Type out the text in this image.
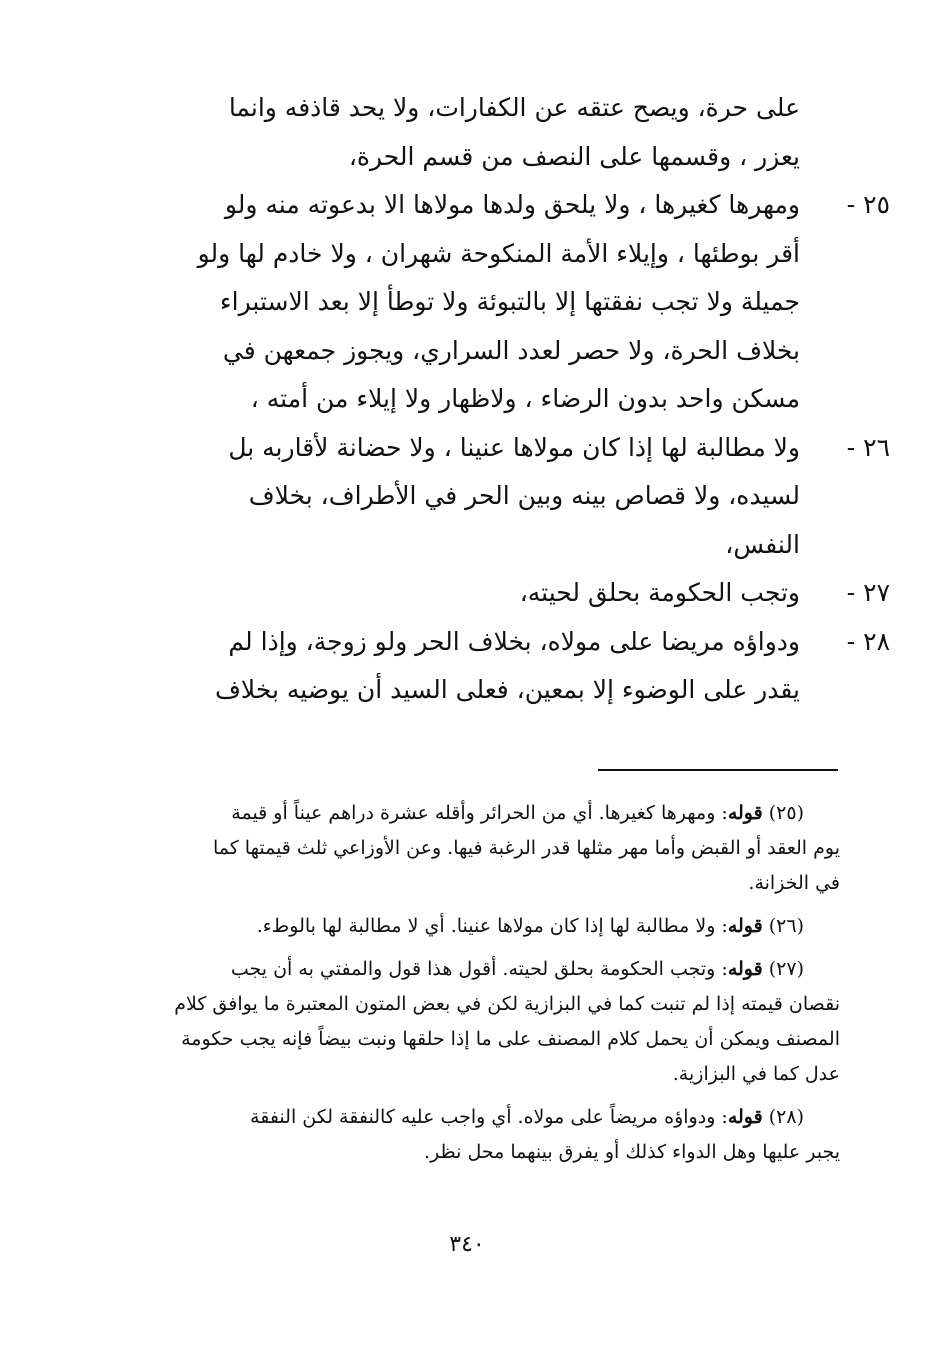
على حرة، ويصح عتقه عن الكفارات، ولا يحد قاذفه وانما
يعزر ، وقسمها على النصف من قسم الحرة،
٢٥ -
ومهرها كغيرها ، ولا يلحق ولدها مولاها الا بدعوته منه ولو
أقر بوطئها ، وإيلاء الأمة المنكوحة شهران ، ولا خادم لها ولو
جميلة ولا تجب نفقتها إلا بالتبوئة ولا توطأ إلا بعد الاستبراء
بخلاف الحرة، ولا حصر لعدد السراري، ويجوز جمعهن في
مسكن واحد بدون الرضاء ، ولاظهار ولا إيلاء من أمته ،
٢٦ -
ولا مطالبة لها إذا كان مولاها عنينا ، ولا حضانة لأقاربه بل
لسيده، ولا قصاص بينه وبين الحر في الأطراف، بخلاف
النفس،
٢٧ -
وتجب الحكومة بحلق لحيته،
٢٨ -
ودواؤه مريضا على مولاه، بخلاف الحر ولو زوجة، وإذا لم
يقدر على الوضوء إلا بمعين، فعلى السيد أن يوضيه بخلاف
(٢٥) قوله: ومهرها كغيرها. أي من الحرائر وأقله عشرة دراهم عيناً أو قيمة
يوم العقد أو القبض وأما مهر مثلها قدر الرغبة فيها. وعن الأوزاعي ثلث قيمتها كما
في الخزانة.
(٢٦) قوله: ولا مطالبة لها إذا كان مولاها عنينا. أي لا مطالبة لها بالوطء.
(٢٧) قوله: وتجب الحكومة بحلق لحيته. أقول هذا قول والمفتي به أن يجب
نقصان قيمته إذا لم تنبت كما في البزازية لكن في بعض المتون المعتبرة ما يوافق كلام
المصنف ويمكن أن يحمل كلام المصنف على ما إذا حلقها ونبت بيضاً فإنه يجب حكومة
عدل كما في البزازية.
(٢٨) قوله: ودواؤه مريضاً على مولاه. أي واجب عليه كالنفقة لكن النفقة
يجبر عليها وهل الدواء كذلك أو يفرق بينهما محل نظر.
٣٤٠
